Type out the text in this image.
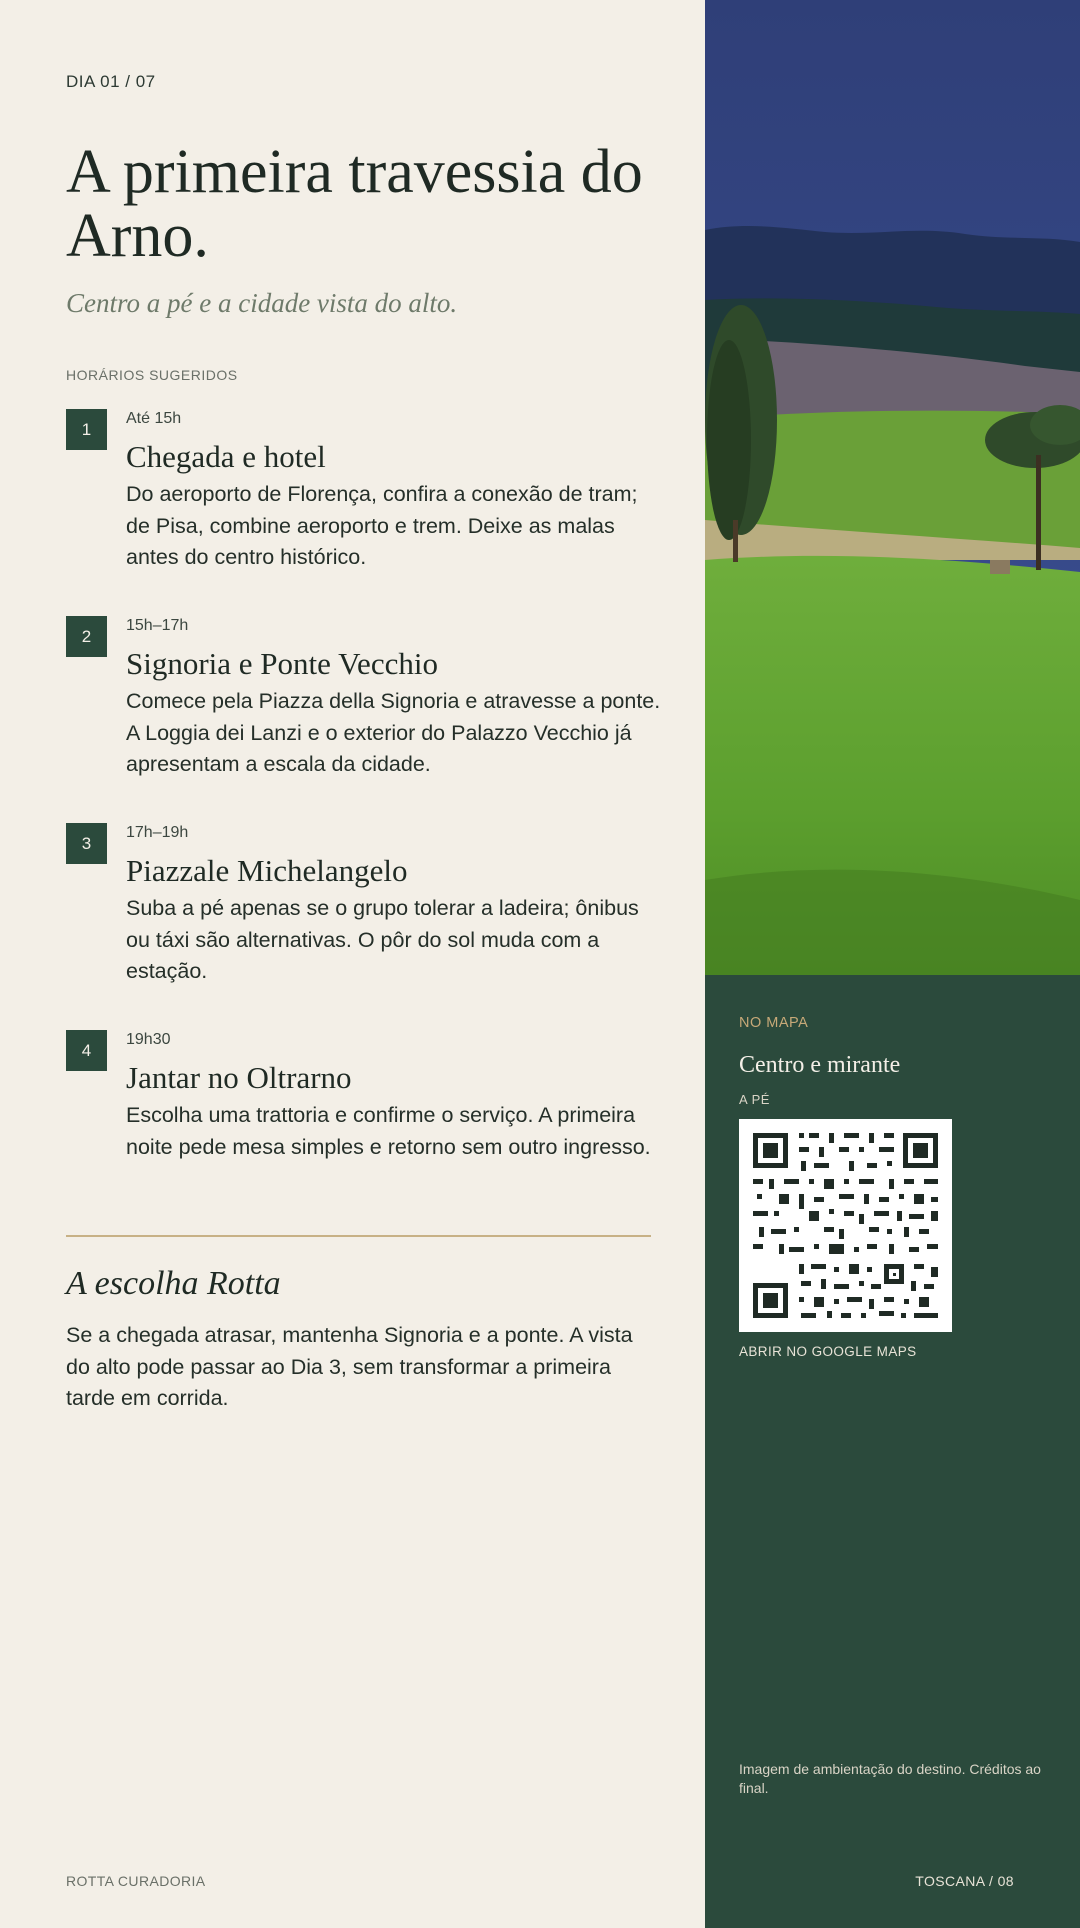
DIA 01 / 07
A primeira travessia do Arno.
Centro a pé e a cidade vista do alto.
HORÁRIOS SUGERIDOS
1
Até 15h
Chegada e hotel
Do aeroporto de Florença, confira a conexão de tram; de Pisa, combine aeroporto e trem. Deixe as malas antes do centro histórico.
2
15h–17h
Signoria e Ponte Vecchio
Comece pela Piazza della Signoria e atravesse a ponte. A Loggia dei Lanzi e o exterior do Palazzo Vecchio já apresentam a escala da cidade.
3
17h–19h
Piazzale Michelangelo
Suba a pé apenas se o grupo tolerar a ladeira; ônibus ou táxi são alternativas. O pôr do sol muda com a estação.
4
19h30
Jantar no Oltrarno
Escolha uma trattoria e confirme o serviço. A primeira noite pede mesa simples e retorno sem outro ingresso.
A escolha Rotta
Se a chegada atrasar, mantenha Signoria e a ponte. A vista do alto pode passar ao Dia 3, sem transformar a primeira tarde em corrida.
ROTTA CURADORIA
NO MAPA
Centro e mirante
A PÉ
ABRIR NO GOOGLE MAPS
Imagem de ambientação do destino. Créditos ao final.
TOSCANA / 08
